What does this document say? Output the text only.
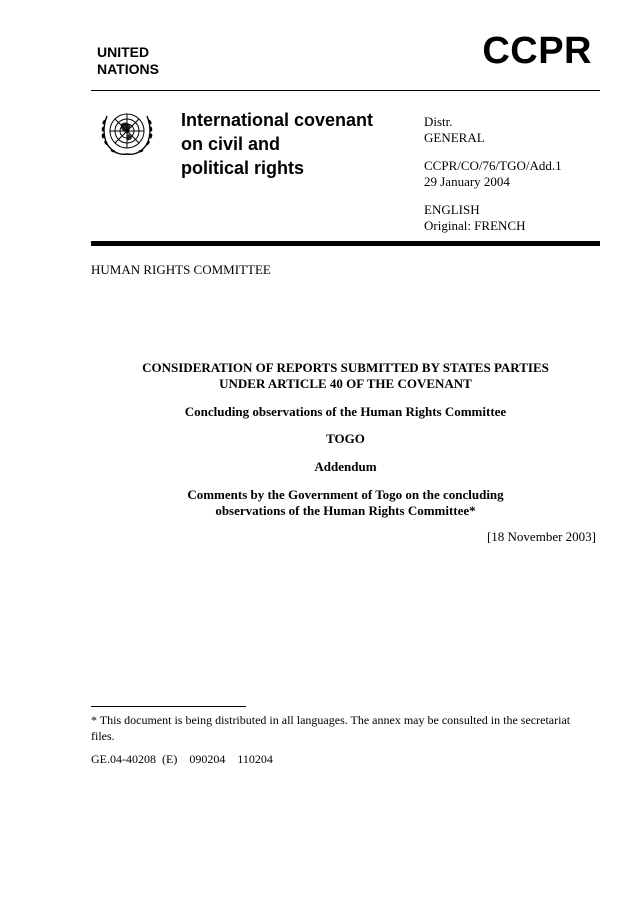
UNITED
NATIONS	CCPR
International covenant
on civil and
political rights
Distr.
GENERAL
CCPR/CO/76/TGO/Add.1
29 January 2004
ENGLISH
Original: FRENCH
HUMAN RIGHTS COMMITTEE
CONSIDERATION OF REPORTS SUBMITTED BY STATES PARTIES
UNDER ARTICLE 40 OF THE COVENANT
Concluding observations of the Human Rights Committee
TOGO
Addendum
Comments by the Government of Togo on the concluding
observations of the Human Rights Committee*
[18 November 2003]
* This document is being distributed in all languages. The annex may be consulted in the secretariat files.
GE.04-40208  (E)    090204    110204
